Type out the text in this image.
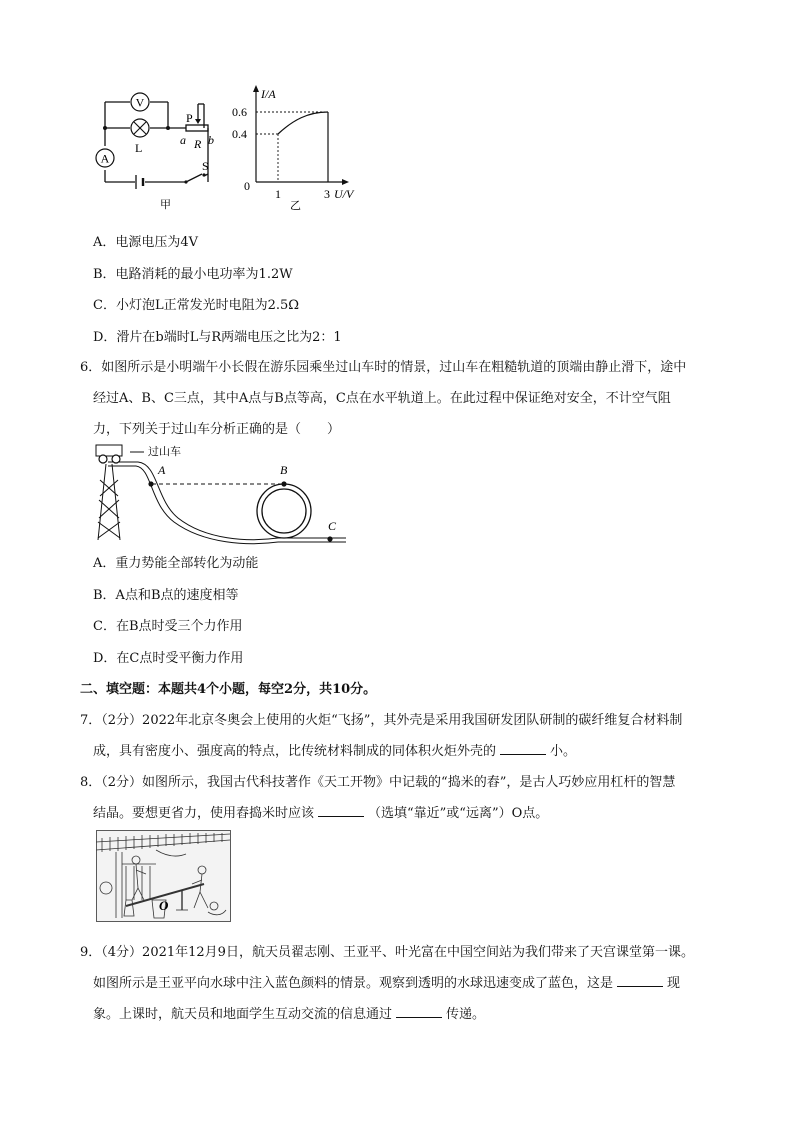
V
A
L
P
a R b
S
甲
I/A
0.6
0.4
0
1	3 U/V
乙
A．电源电压为4V
B．电路消耗的最小电功率为1.2W
C．小灯泡L正常发光时电阻为2.5Ω
D．滑片在b端时L与R两端电压之比为2：1
6．如图所示是小明端午小长假在游乐园乘坐过山车时的情景，过山车在粗糙轨道的顶端由静止滑下，途中
经过A、B、C三点，其中A点与B点等高，C点在水平轨道上。在此过程中保证绝对安全，不计空气阻
力，下列关于过山车分析正确的是（　　）
过山车
A	B
C
A．重力势能全部转化为动能
B．A点和B点的速度相等
C．在B点时受三个力作用
D．在C点时受平衡力作用
二、填空题：本题共4个小题，每空2分，共10分。
7．（2分）2022年北京冬奥会上使用的火炬“飞扬”，其外壳是采用我国研发团队研制的碳纤维复合材料制
成，具有密度小、强度高的特点，比传统材料制成的同体积火炬外壳的	小。
8．（2分）如图所示，我国古代科技著作《天工开物》中记载的“捣米的舂”，是古人巧妙应用杠杆的智慧
结晶。要想更省力，使用舂捣米时应该	（选填“靠近”或“远离”）O点。
O
9．（4分）2021年12月9日，航天员翟志刚、王亚平、叶光富在中国空间站为我们带来了天宫课堂第一课。
如图所示是王亚平向水球中注入蓝色颜料的情景。观察到透明的水球迅速变成了蓝色，这是	现
象。上课时，航天员和地面学生互动交流的信息通过	传递。
